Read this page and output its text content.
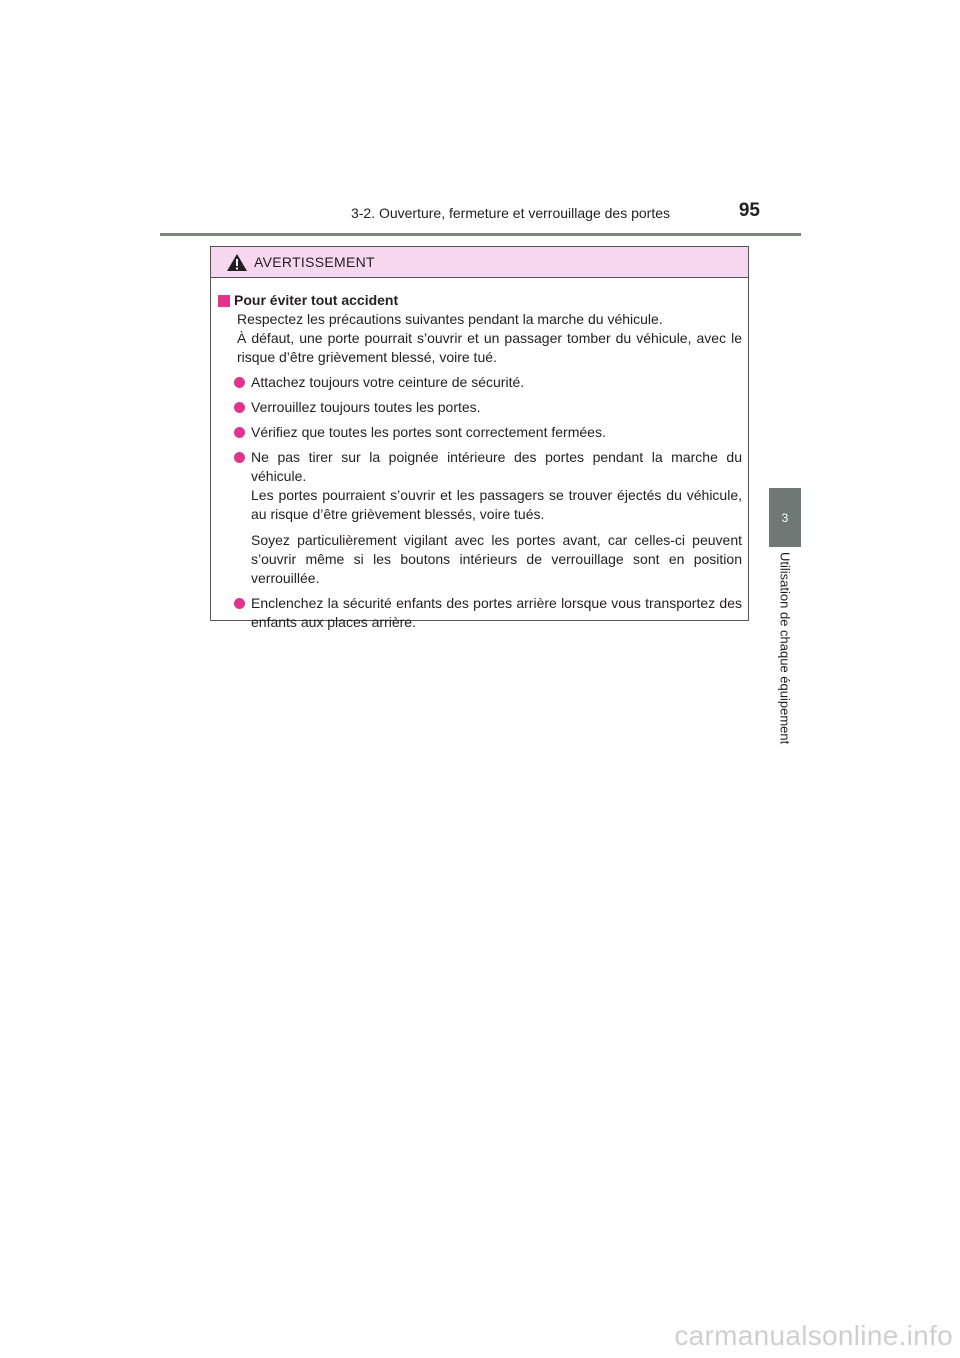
3-2. Ouverture, fermeture et verrouillage des portes	95
3
Utilisation de chaque équipement
AVERTISSEMENT
Pour éviter tout accident

Respectez les précautions suivantes pendant la marche du véhicule.

À défaut, une porte pourrait s’ouvrir et un passager tomber du véhicule, avec le risque d’être grièvement blessé, voire tué.

Attachez toujours votre ceinture de sécurité.
Verrouillez toujours toutes les portes.
Vérifiez que toutes les portes sont correctement fermées.
Ne pas tirer sur la poignée intérieure des portes pendant la marche du véhicule.
Les portes pourraient s’ouvrir et les passagers se trouver éjectés du véhicule, au risque d’être grièvement blessés, voire tués.
Soyez particulièrement vigilant avec les portes avant, car celles-ci peuvent s’ouvrir même si les boutons intérieurs de verrouillage sont en position verrouillée.
Enclenchez la sécurité enfants des portes arrière lorsque vous transportez des enfants aux places arrière.
carmanualsonline.info
